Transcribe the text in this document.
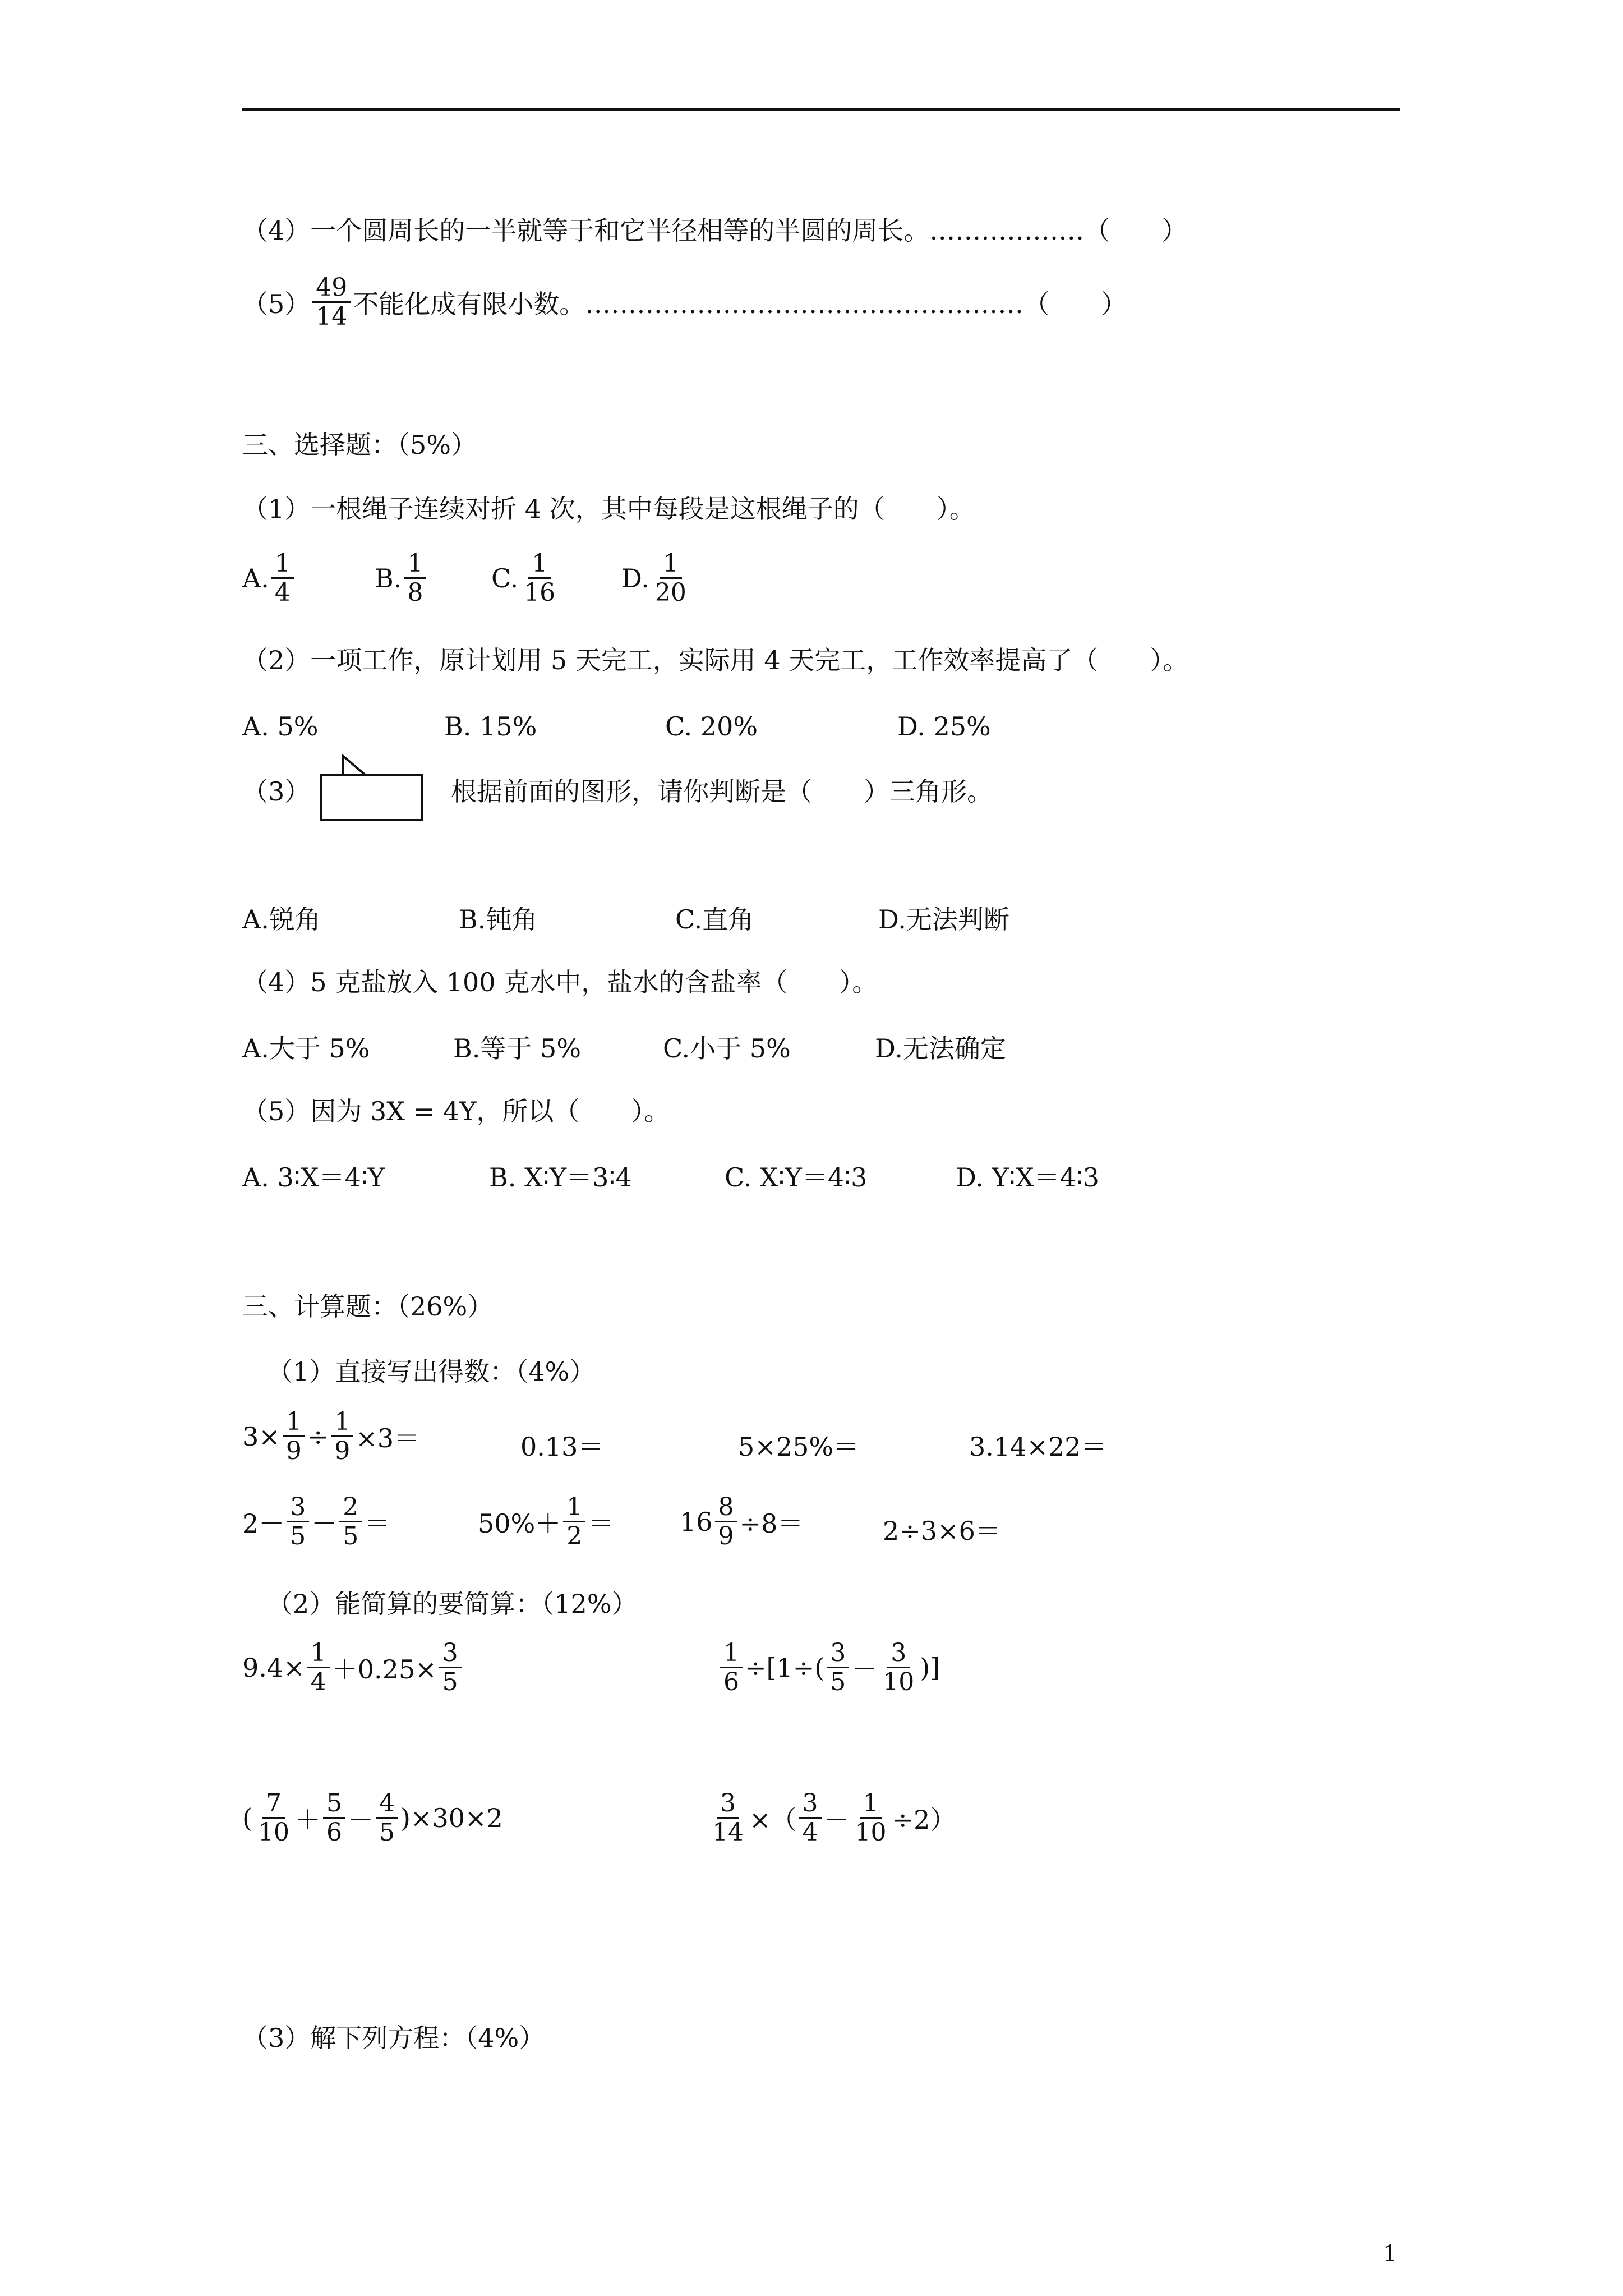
（4）一个圆周长的一半就等于和它半径相等的半圆的周长。………………（　　）
$(5) \frac{49}{14}$ 不能化成有限小数。……………………………………………（　　）
三、选择题：（5%）
（1）一根绳子连续对折 4 次，其中每段是这根绳子的（　　）。
A. $\frac{1}{4}$	B. $\frac{1}{8}$	C. $\frac{1}{16} D$. $\frac{1}{20}$
（2）一项工作，原计划用 5 天完工，实际用 4 天完工，工作效率提高了（　　）。
A. 5%	B. 15%	C. 20%	D. 25%
（3）	根据前面的图形，请你判断是（　　）三角形。
A.锐角	B.钝角	C.直角	D.无法判断
（4）5 克盐放入 100 克水中，盐水的含盐率（　　）。
A.大于 5%	B.等于 5%	C.小于 5%	D.无法确定
（5）因为 3X = 4Y，所以（　　）。
A. 3∶X＝4∶Y	B. X∶Y＝3∶4	C. X∶Y＝4∶3	D. Y∶X＝4∶3
三、计算题：（26%）
（1）直接写出得数：（4%）
$3\times \frac{1}{9} \div \frac{1}{9} \times 3=$	0.13＝	5×25%＝	3.14×22＝
$2- \frac{3}{5} - \frac{2}{5}$ ＝	$50\%+ \frac{1}{2}$ ＝	$16 \frac{8}{9} \div 8=$	2÷3×6＝
（2）能简算的要简算：（12%）
$9.4\times \frac{1}{4} +0.25\times \frac{3}{5}$	$\frac{1}{6} \div[1\div( \frac{3}{5} - \frac{3}{10}$ )]
( $\frac{7}{10} + \frac{5}{6} - \frac{4}{5} )\times 30\times 2$	$\frac{3}{14}$ ×（ $\frac{3}{4} - \frac{1}{10} \div 2$）
（3）解下列方程：（4%）
1
